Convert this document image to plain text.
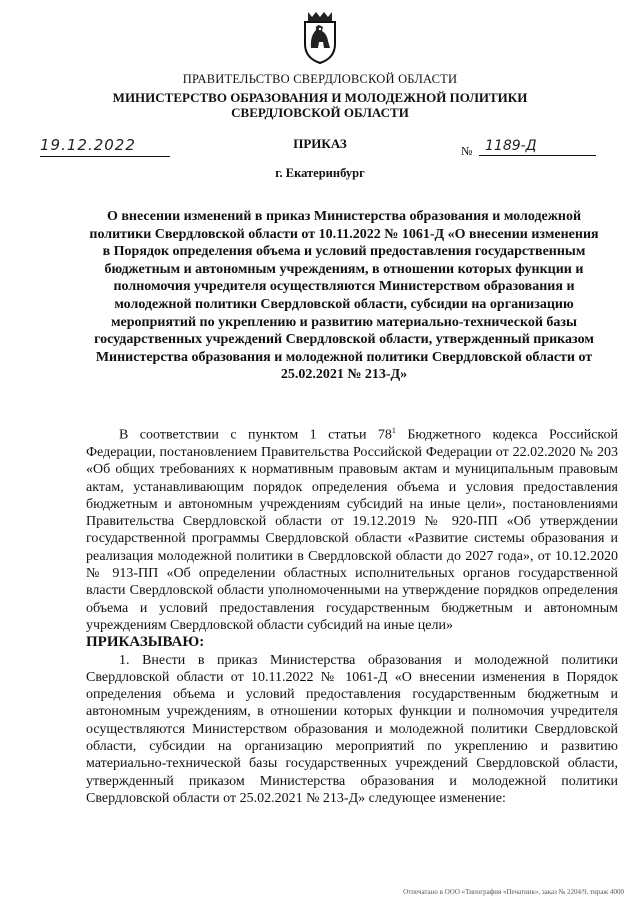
ПРАВИТЕЛЬСТВО СВЕРДЛОВСКОЙ ОБЛАСТИ
МИНИСТЕРСТВО ОБРАЗОВАНИЯ И МОЛОДЕЖНОЙ ПОЛИТИКИ
СВЕРДЛОВСКОЙ ОБЛАСТИ
19.12.2022	ПРИКАЗ	№ 1189-Д
г. Екатеринбург
О внесении изменений в приказ Министерства образования и молодежной политики Свердловской области от 10.11.2022 № 1061-Д «О внесении изменения в Порядок определения объема и условий предоставления государственным бюджетным и автономным учреждениям, в отношении которых функции и полномочия учредителя осуществляются Министерством образования и молодежной политики Свердловской области, субсидии на организацию мероприятий по укреплению и развитию материально-технической базы государственных учреждений Свердловской области, утвержденный приказом Министерства образования и молодежной политики Свердловской области от 25.02.2021 № 213-Д»

В соответствии с пунктом 1 статьи $78^1$ Бюджетного кодекса Российской Федерации, постановлением Правительства Российской Федерации от 22.02.2020 № 203 «Об общих требованиях к нормативным правовым актам и муниципальным правовым актам, устанавливающим порядок определения объема и условия предоставления бюджетным и автономным учреждениям субсидий на иные цели», постановлениями Правительства Свердловской области от 19.12.2019 № 920-ПП «Об утверждении государственной программы Свердловской области «Развитие системы образования и реализация молодежной политики в Свердловской области до 2027 года», от 10.12.2020 № 913-ПП «Об определении областных исполнительных органов государственной власти Свердловской области уполномоченными на утверждение порядков определения объема и условий предоставления государственным бюджетным и автономным учреждениям Свердловской области субсидий на иные цели»

ПРИКАЗЫВАЮ:

1. Внести в приказ Министерства образования и молодежной политики Свердловской области от 10.11.2022 № 1061-Д «О внесении изменения в Порядок определения объема и условий предоставления государственным бюджетным и автономным учреждениям, в отношении которых функции и полномочия учредителя осуществляются Министерством образования и молодежной политики Свердловской области, субсидии на организацию мероприятий по укреплению и развитию материально-технической базы государственных учреждений Свердловской области, утвержденный приказом Министерства образования и молодежной политики Свердловской области от 25.02.2021 № 213-Д» следующее изменение:

Отпечатано в ООО «Типография «Печатник», заказ № 2204/9, тираж 4000
